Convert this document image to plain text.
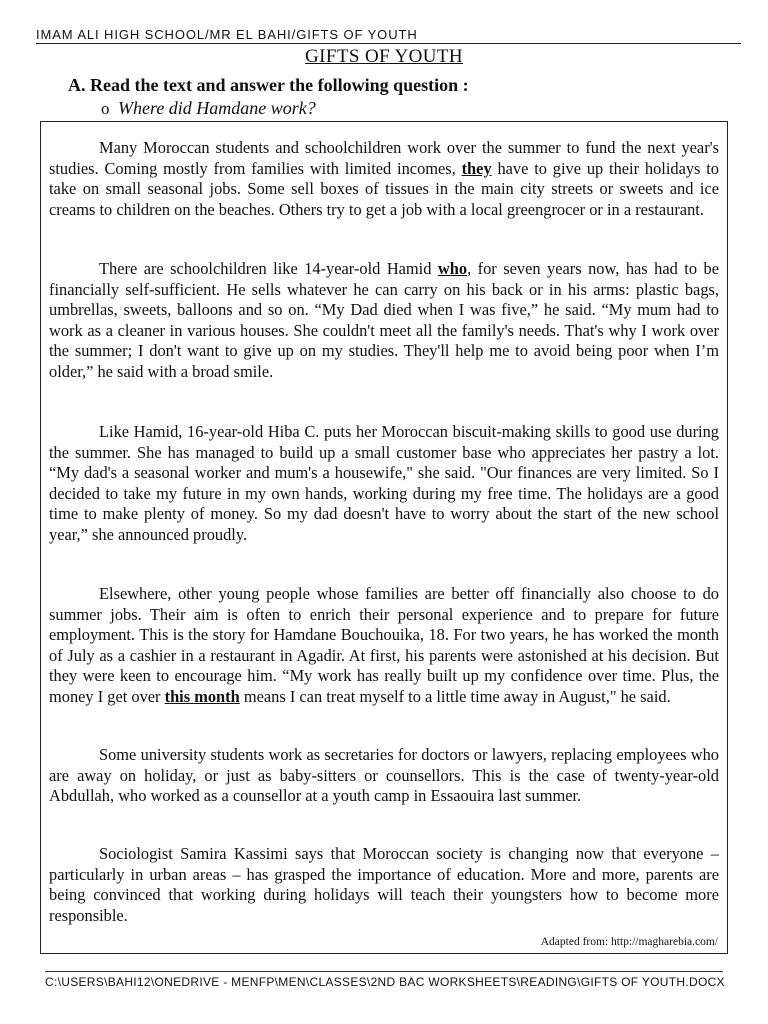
IMAM ALI HIGH SCHOOL/MR EL BAHI/GIFTS OF YOUTH
GIFTS OF YOUTH
A. Read the text and answer the following question :
o Where did Hamdane work?

Many Moroccan students and schoolchildren work over the summer to fund the next year's studies. Coming mostly from families with limited incomes, they have to give up their holidays to take on small seasonal jobs. Some sell boxes of tissues in the main city streets or sweets and ice creams to children on the beaches. Others try to get a job with a local greengrocer or in a restaurant.

There are schoolchildren like 14-year-old Hamid who, for seven years now, has had to be financially self-sufficient. He sells whatever he can carry on his back or in his arms: plastic bags, umbrellas, sweets, balloons and so on. “My Dad died when I was five,” he said. “My mum had to work as a cleaner in various houses. She couldn't meet all the family's needs. That's why I work over the summer; I don't want to give up on my studies. They'll help me to avoid being poor when I’m older,” he said with a broad smile.

Like Hamid, 16-year-old Hiba C. puts her Moroccan biscuit-making skills to good use during the summer. She has managed to build up a small customer base who appreciates her pastry a lot. “My dad's a seasonal worker and mum's a housewife," she said. "Our finances are very limited. So I decided to take my future in my own hands, working during my free time. The holidays are a good time to make plenty of money. So my dad doesn't have to worry about the start of the new school year,” she announced proudly.

Elsewhere, other young people whose families are better off financially also choose to do summer jobs. Their aim is often to enrich their personal experience and to prepare for future employment. This is the story for Hamdane Bouchouika, 18. For two years, he has worked the month of July as a cashier in a restaurant in Agadir. At first, his parents were astonished at his decision. But they were keen to encourage him. “My work has really built up my confidence over time. Plus, the money I get over this month means I can treat myself to a little time away in August," he said.

Some university students work as secretaries for doctors or lawyers, replacing employees who are away on holiday, or just as baby-sitters or counsellors. This is the case of twenty-year-old Abdullah, who worked as a counsellor at a youth camp in Essaouira last summer.

Sociologist Samira Kassimi says that Moroccan society is changing now that everyone – particularly in urban areas – has grasped the importance of education. More and more, parents are being convinced that working during holidays will teach their youngsters how to become more responsible.

Adapted from: http://magharebia.com/
C:\USERS\BAHI12\ONEDRIVE - MENFP\MEN\CLASSES\2ND BAC WORKSHEETS\READING\GIFTS OF YOUTH.DOCX
